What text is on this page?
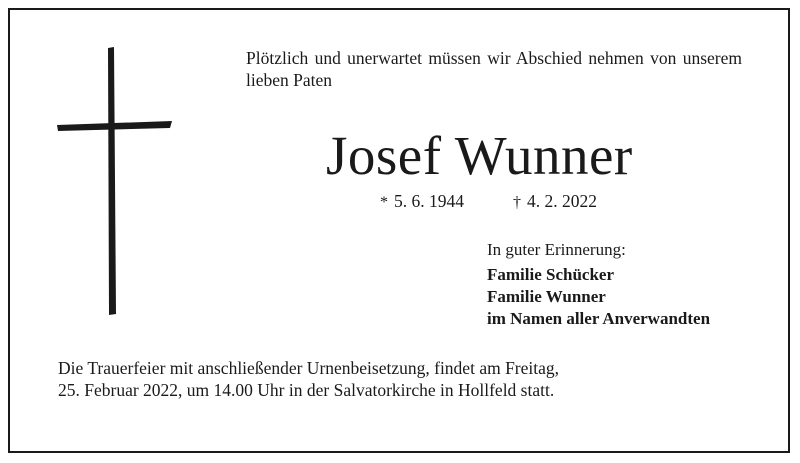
Plötzlich und unerwartet müssen wir Abschied nehmen von unserem lieben Paten
Josef Wunner
* 5. 6. 1944	† 4. 2. 2022
In guter Erinnerung:
Familie Schücker
Familie Wunner
im Namen aller Anverwandten
Die Trauerfeier mit anschließender Urnenbeisetzung, findet am Freitag,
25. Februar 2022, um 14.00 Uhr in der Salvatorkirche in Hollfeld statt.
